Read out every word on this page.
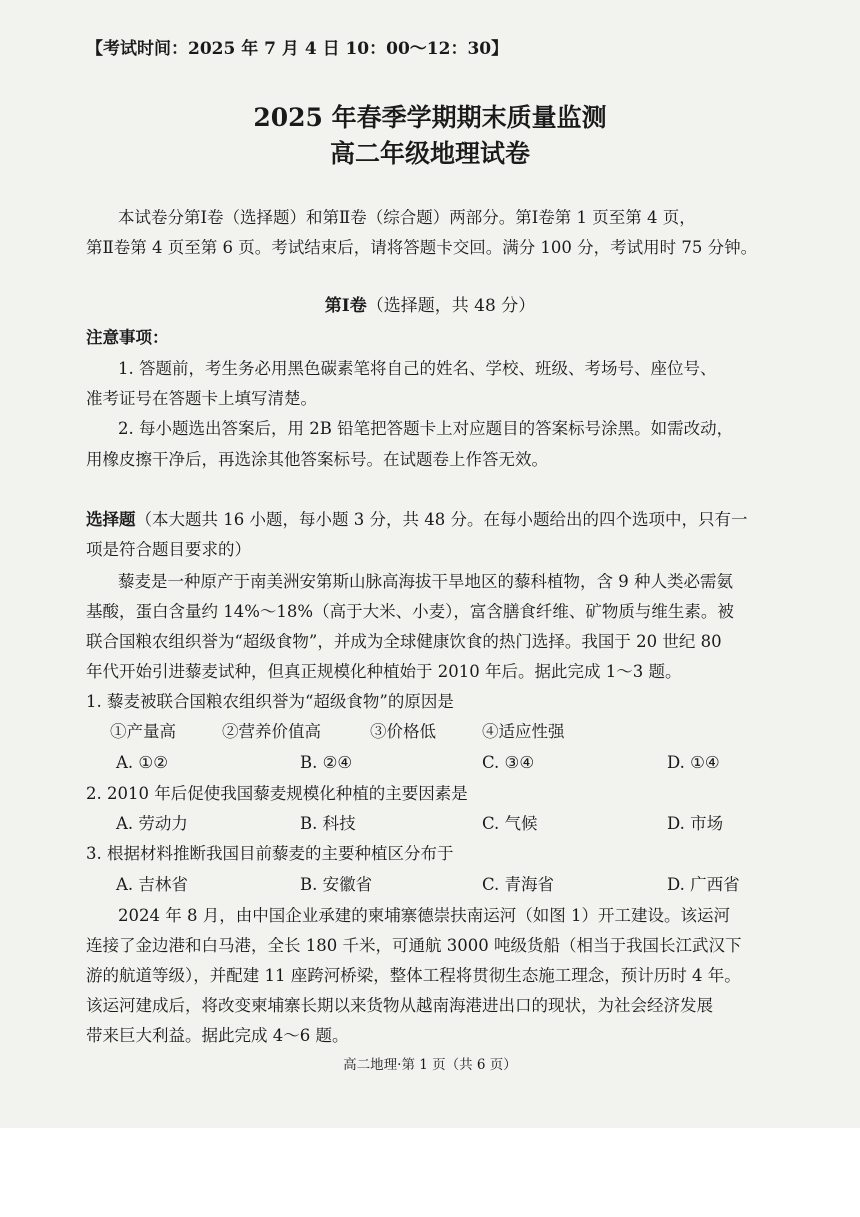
【考试时间：2025 年 7 月 4 日 10：00～12：30】
2025 年春季学期期末质量监测
高二年级地理试卷
本试卷分第Ⅰ卷（选择题）和第Ⅱ卷（综合题）两部分。第Ⅰ卷第 1 页至第 4 页，
第Ⅱ卷第 4 页至第 6 页。考试结束后，请将答题卡交回。满分 100 分，考试用时 75 分钟。
第Ⅰ卷（选择题，共 48 分）
注意事项：
1. 答题前，考生务必用黑色碳素笔将自己的姓名、学校、班级、考场号、座位号、
准考证号在答题卡上填写清楚。
2. 每小题选出答案后，用 2B 铅笔把答题卡上对应题目的答案标号涂黑。如需改动，
用橡皮擦干净后，再选涂其他答案标号。在试题卷上作答无效。
选择题（本大题共 16 小题，每小题 3 分，共 48 分。在每小题给出的四个选项中，只有一
项是符合题目要求的）
藜麦是一种原产于南美洲安第斯山脉高海拔干旱地区的藜科植物，含 9 种人类必需氨
基酸，蛋白含量约 14%～18%（高于大米、小麦），富含膳食纤维、矿物质与维生素。被
联合国粮农组织誉为“超级食物”，并成为全球健康饮食的热门选择。我国于 20 世纪 80
年代开始引进藜麦试种，但真正规模化种植始于 2010 年后。据此完成 1～3 题。
1. 藜麦被联合国粮农组织誉为“超级食物”的原因是
①产量高	②营养价值高	③价格低	④适应性强
A. ①②	B. ②④	C. ③④	D. ①④
2. 2010 年后促使我国藜麦规模化种植的主要因素是
A. 劳动力	B. 科技	C. 气候	D. 市场
3. 根据材料推断我国目前藜麦的主要种植区分布于
A. 吉林省	B. 安徽省	C. 青海省	D. 广西省
2024 年 8 月，由中国企业承建的柬埔寨德崇扶南运河（如图 1）开工建设。该运河
连接了金边港和白马港，全长 180 千米，可通航 3000 吨级货船（相当于我国长江武汉下
游的航道等级），并配建 11 座跨河桥梁，整体工程将贯彻生态施工理念，预计历时 4 年。
该运河建成后，将改变柬埔寨长期以来货物从越南海港进出口的现状，为社会经济发展
带来巨大利益。据此完成 4～6 题。
高二地理·第 1 页（共 6 页）
